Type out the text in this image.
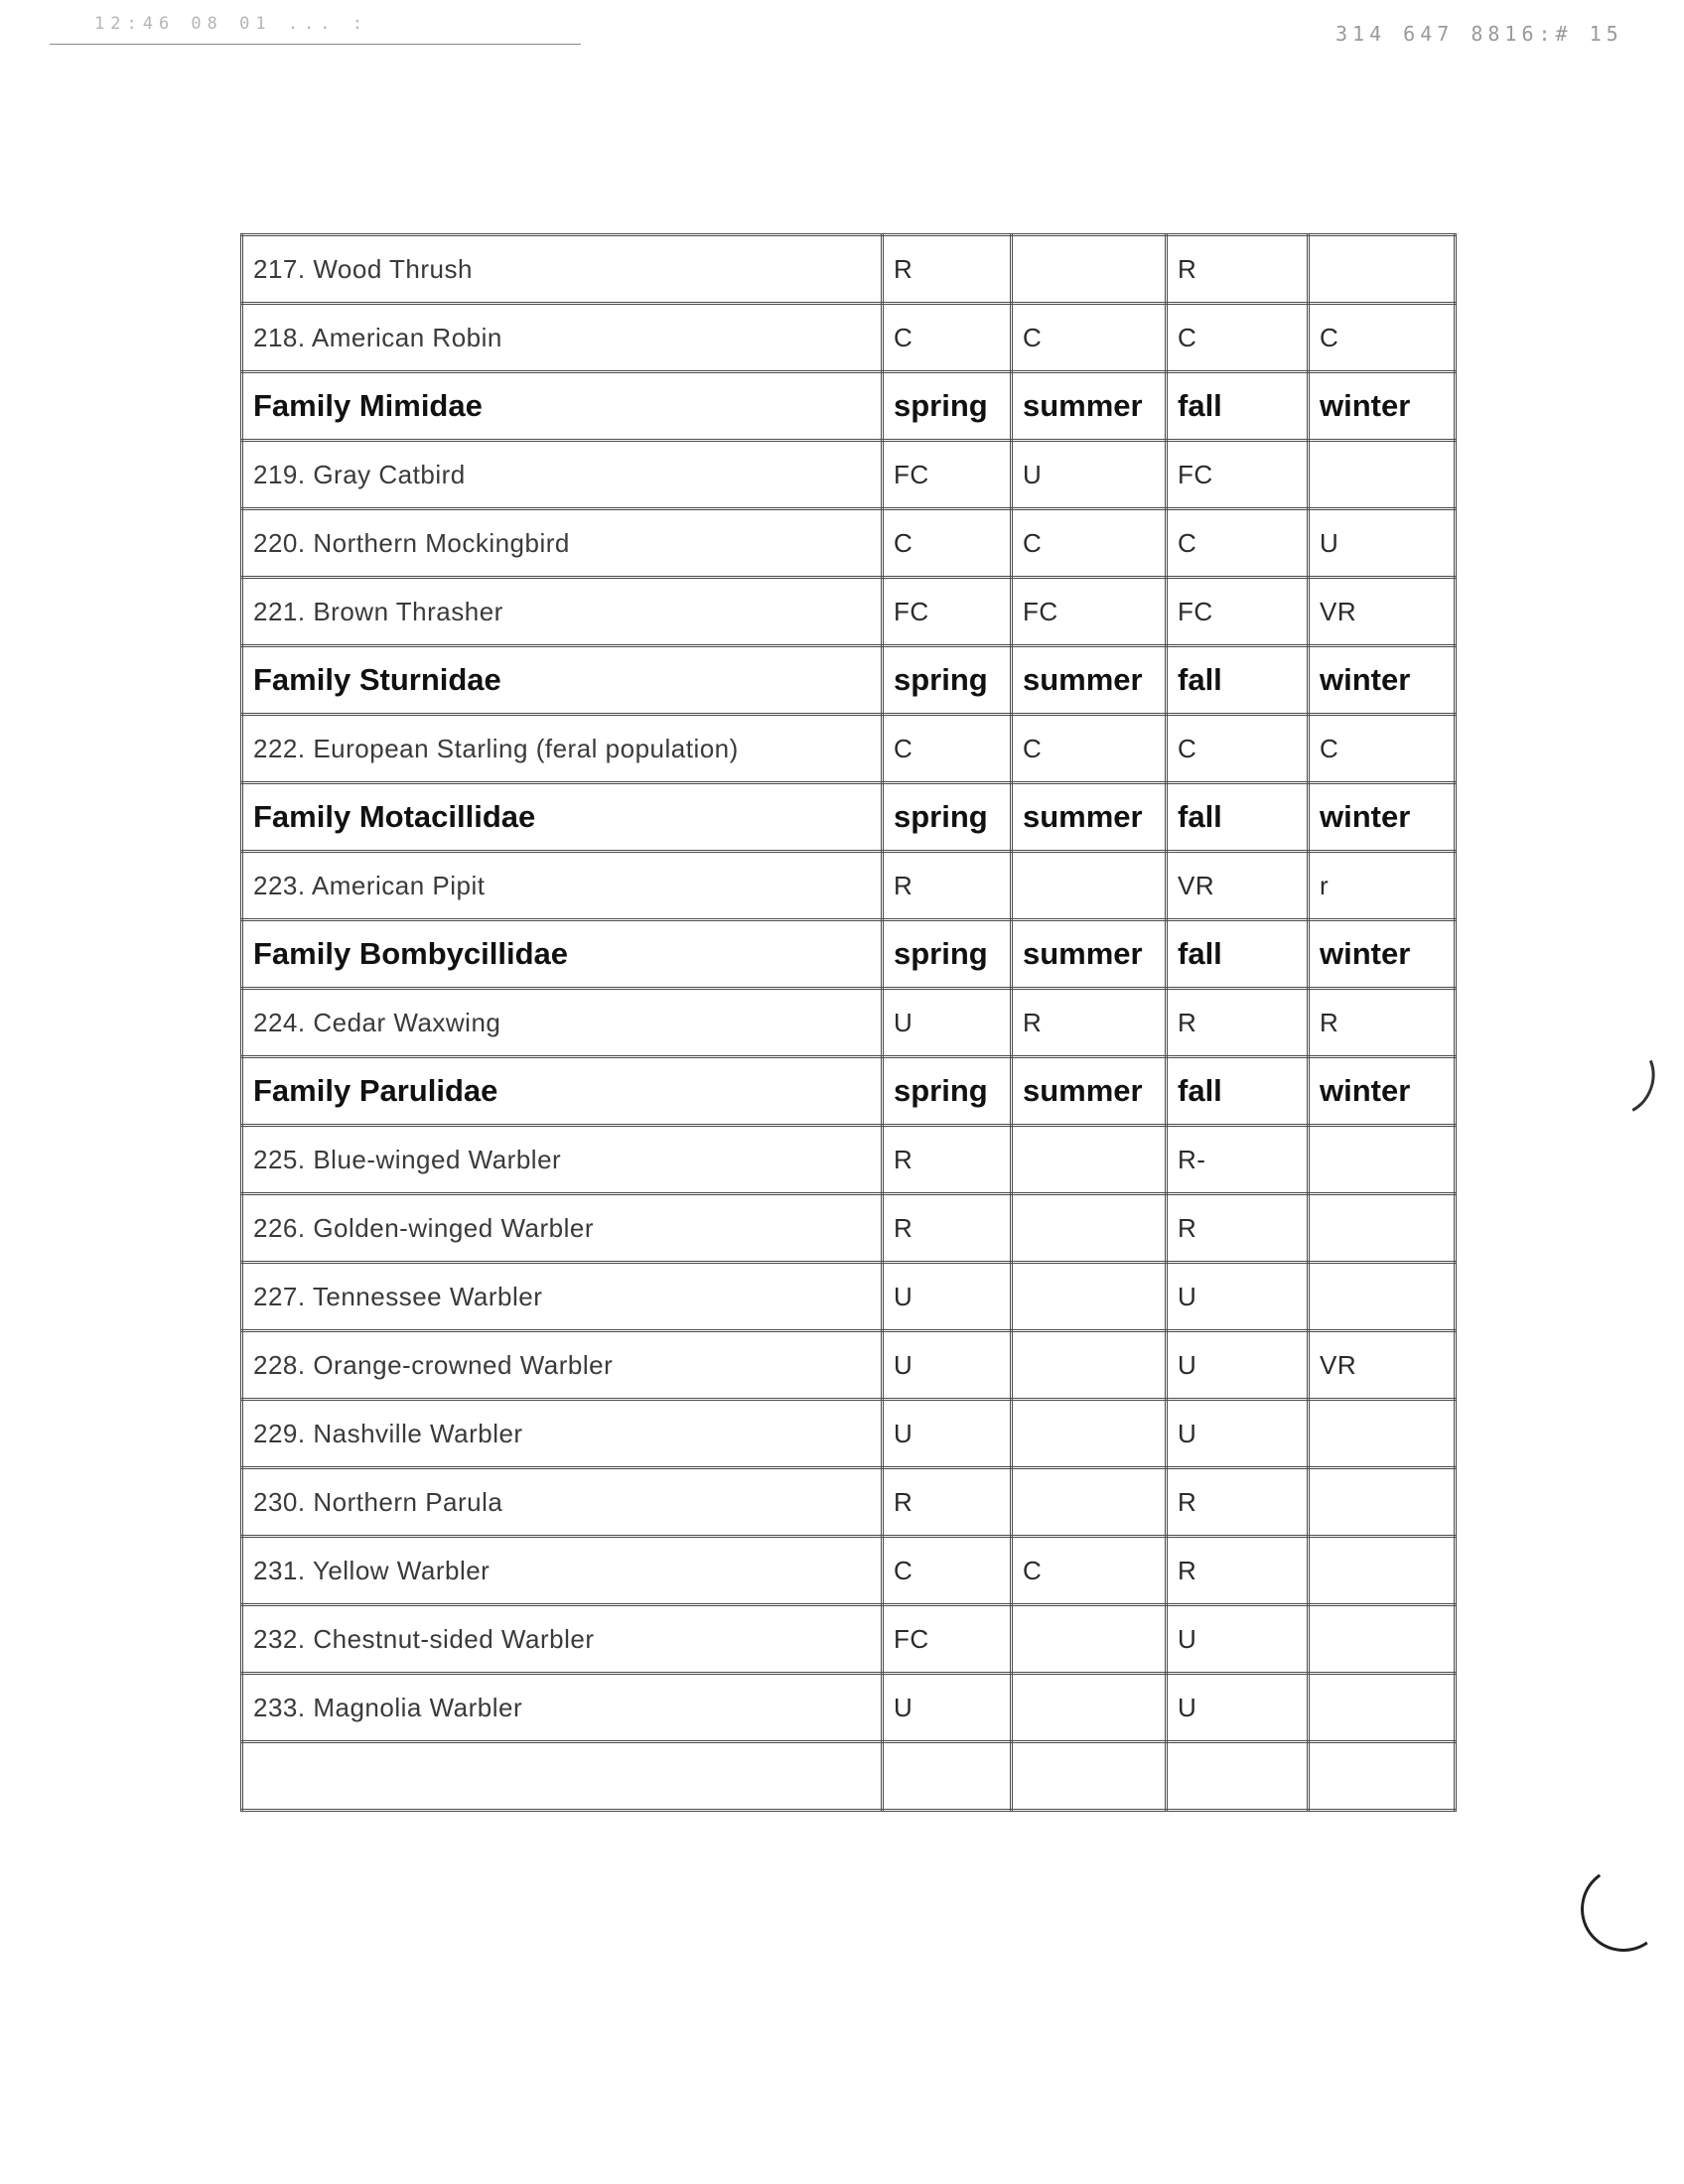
12:46 08 01 ... :	314 647 8816:# 15
217. Wood Thrush	R		R	
218. American Robin	C	C	C	C
Family Mimidae	spring	summer	fall	winter
219. Gray Catbird	FC	U	FC	
220. Northern Mockingbird	C	C	C	U
221. Brown Thrasher	FC	FC	FC	VR
Family Sturnidae	spring	summer	fall	winter
222. European Starling (feral population)	C	C	C	C
Family Motacillidae	spring	summer	fall	winter
223. American Pipit	R		VR	r
Family Bombycillidae	spring	summer	fall	winter
224. Cedar Waxwing	U	R	R	R
Family Parulidae	spring	summer	fall	winter
225. Blue-winged Warbler	R		R-	
226. Golden-winged Warbler	R		R	
227. Tennessee Warbler	U		U	
228. Orange-crowned Warbler	U		U	VR
229. Nashville Warbler	U		U	
230. Northern Parula	R		R	
231. Yellow Warbler	C	C	R	
232. Chestnut-sided Warbler	FC		U	
233. Magnolia Warbler	U		U	
